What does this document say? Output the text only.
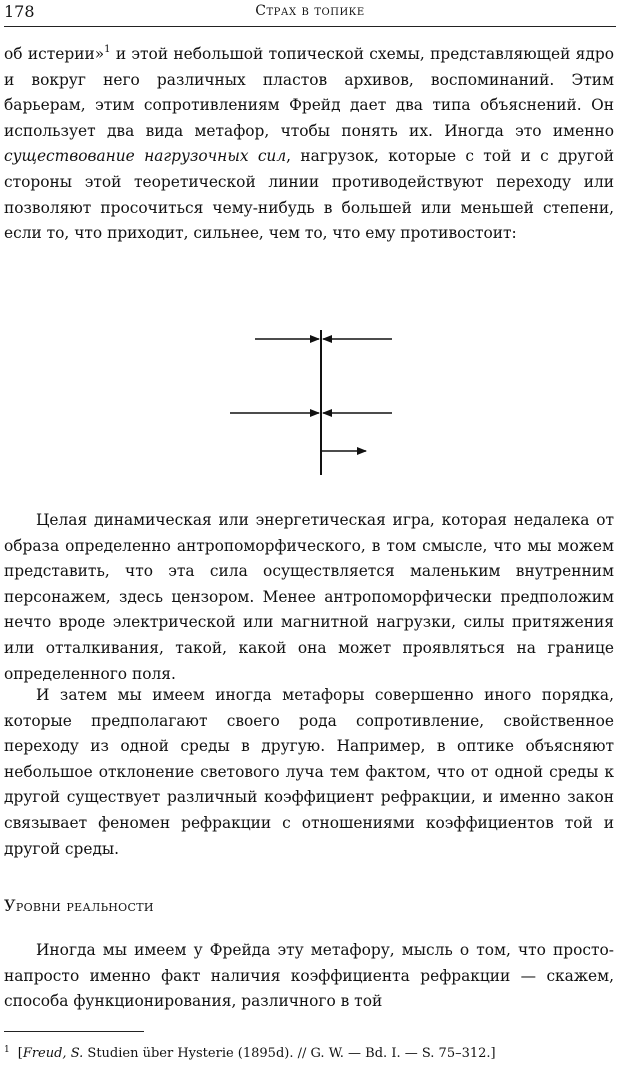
178	Страх в топике

об истерии»$^1$ и этой небольшой топической схемы, представляющей ядро и вокруг него различных пластов архивов, воспоминаний. Этим барьерам, этим сопротивлениям Фрейд дает два типа объяснений. Он использует два вида метафор, чтобы понять их. Иногда это именно существование нагрузочных сил, нагрузок, которые с той и с другой стороны этой теоретической линии противодействуют переходу или позволяют просочиться чему-нибудь в большей или меньшей степени, если то, что приходит, сильнее, чем то, что ему противостоит:

Целая динамическая или энергетическая игра, которая недалека от образа определенно антропоморфического, в том смысле, что мы можем представить, что эта сила осуществляется маленьким внутренним персонажем, здесь цензором. Менее антропоморфически предположим нечто вроде электрической или магнитной нагрузки, силы притяжения или отталкивания, такой, какой она может проявляться на границе определенного поля.

И затем мы имеем иногда метафоры совершенно иного порядка, которые предполагают своего рода сопротивление, свойственное переходу из одной среды в другую. Например, в оптике объясняют небольшое отклонение светового луча тем фактом, что от одной среды к другой существует различный коэффициент рефракции, и именно закон связывает феномен рефракции с отношениями коэффициентов той и другой среды.

Уровни реальности

Иногда мы имеем у Фрейда эту метафору, мысль о том, что просто-напросто именно факт наличия коэффициента рефракции — скажем, способа функционирования, различного в той

$^1$ [Freud, S. Studien über Hysterie (1895d). // G. W. — Bd. I. — S. 75–312.]
